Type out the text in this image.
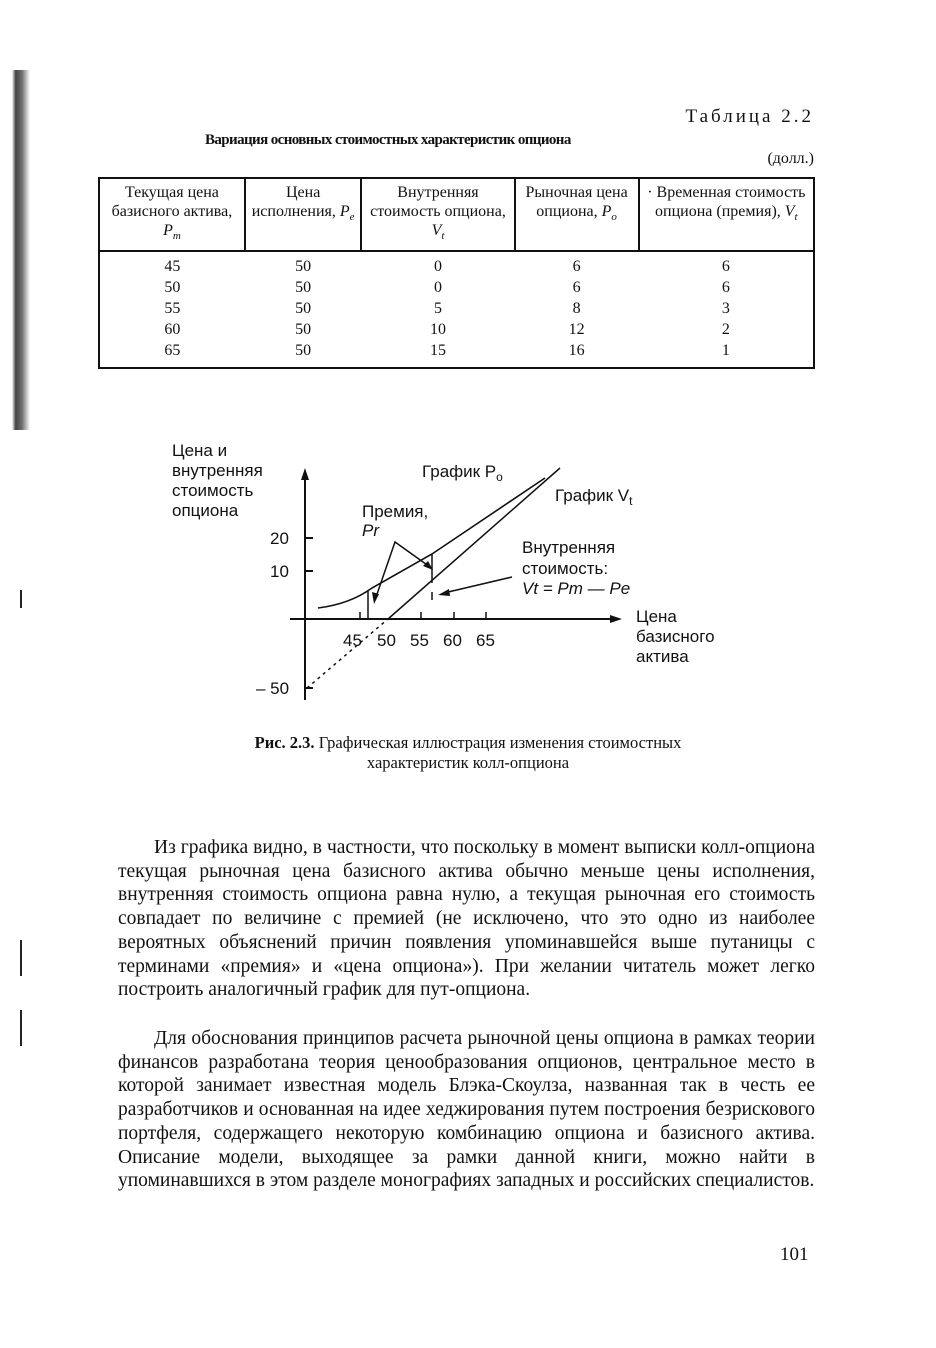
Таблица 2.2
Вариация основных стоимостных характеристик опциона
(долл.)
Текущая цена базисного актива, $P_m$	Цена исполнения, $P_e$	Внутренняя стоимость опциона, $V_t$	Рыночная цена опциона, $P_o$	· Временная стоимость опциона (премия), $V_t$
45	50	0	6	6
50	50	0	6	6
55	50	5	8	3
60	50	10	12	2
65	50	15	16	1
Цена и
внутренняя
стоимость
опциона
20
10
– 50
45 50 55 60 65
Цена
базисного
актива
График $P_o$
График $V_t$
Премия,
Pr
Внутренняя
стоимость:
Vt = Pm — Pe
Рис. 2.3. Графическая иллюстрация изменения стоимостных
характеристик колл-опциона
Из графика видно, в частности, что поскольку в момент выписки колл-опциона текущая рыночная цена базисного актива обычно меньше цены исполнения, внутренняя стоимость опциона равна нулю, а текущая рыночная его стоимость совпадает по величине с премией (не исключено, что это одно из наиболее вероятных объяснений причин появления упоминавшейся выше путаницы с терминами «премия» и «цена опциона»). При желании читатель может легко построить аналогичный график для пут-опциона.
Для обоснования принципов расчета рыночной цены опциона в рамках теории финансов разработана теория ценообразования опционов, центральное место в которой занимает известная модель Блэка-Скоулза, названная так в честь ее разработчиков и основанная на идее хеджирования путем построения безрискового портфеля, содержащего некоторую комбинацию опциона и базисного актива. Описание модели, выходящее за рамки данной книги, можно найти в упоминавшихся в этом разделе монографиях западных и российских специалистов.
101
